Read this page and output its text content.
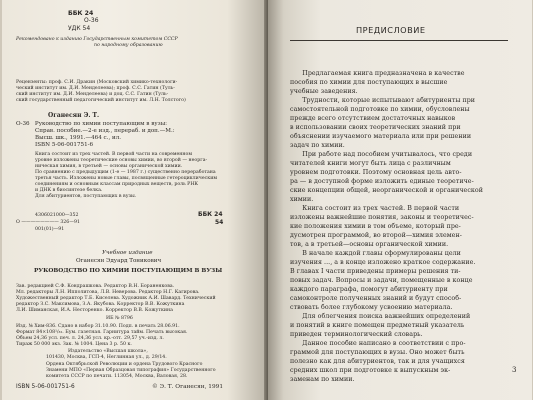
ББК 24
О-36
УДК 54
Рекомендовано к изданию Государственным комитетом СССР
по народному образованию
Рецензенты: проф. С.И. Дракин (Московский химико-технологи-
ческий институт им. Д.И. Менделеева); проф. С.С. Гатин (Туль-
ский институт им. Д.И. Менделеева) и доц. С.С. Гатин (Туль-
ский государственный педагогический институт им. Л.Н. Толстого)
Оганесян Э. Т.
О-36   Руководство по химии поступающим в вузы:
Справ. пособие.—2-е изд., перераб. и доп.—М.:
Высш. шк., 1991.—464 с., ил.
ISBN 5-06-001751-6
Книга состоит из трех частей. В первой части на современном
уровне изложены теоретические основы химии, во второй — неорга-
ническая химия, в третьей — основы органической химии.
По сравнению с предыдущим (1-е — 1987 г.) существенно переработана
третья часть. Изложены новые главы, посвященные гетероциклическим
соединениям и основным классам природных веществ, роль РНК
и ДНК в биосинтезе белка.
Для абитуриентов, поступающих в вузы.
4306021000—352
О ———————— 326—91
001(01)—91
ББК 24
54
Учебное издание
Оганесян Эдуард Тоникович
РУКОВОДСТВО ПО ХИМИИ ПОСТУПАЮЩИМ В ВУЗЫ
Зав. редакцией С.Ф. Кондрашкова. Редактор В.Н. Бораненкова.
Мл. редакторы Л.Н. Ипполитова, Л.В. Неверова. Редактор Н.Г. Кагирова.
Художественный редактор Т.Б. Киселева. Художник А.И. Шавард. Технический
редактор З.С. Максимова, З.А. Якубова. Корректор В.В. Кожуткина
Л.И. Шиманская, И.А. Несторенко. Корректор В.В. Кожуткина
ИБ № 8796
Изд. № Хим-836. Сдано в набор 31.10.90. Подп. в печать 28.06.91.
Формат 84×108¹/₃₂. Бум. газетная. Гарнитура тайм. Печать высокая.
Объем 24,36 усл. печ. л. 24,36 усл. кр.-отт. 29,57 уч.-изд. л.
Тираж 50 000 экз. Зак. № 1004. Цена 3 р. 50 к.
Издательство «Высшая школа»,
101430, Москва, ГСП-4, Неглинная ул., д. 29/14.
Ордена Октябрьской Революции и ордена Трудового Красного
Знамени МПО «Первая Образцовая типография» Государственного
комитета СССР по печати. 113054, Москва, Валовая, 28.
ISBN 5-06-001751-6	© Э. Т. Оганесян, 1991
ПРЕДИСЛОВИЕ
Предлагаемая книга предназначена в качестве
пособия по химии для поступающих в высшие
учебные заведения.
Трудности, которые испытывают абитуриенты при
самостоятельной подготовке по химии, обусловлены
прежде всего отсутствием достаточных навыков
в использовании своих теоретических знаний при
объяснении изучаемого материала или при решении
задач по химии.
При работе над пособием учитывалось, что среди
читателей книги могут быть лица с различным
уровнем подготовки. Поэтому основная цель авто-
ра — в доступной форме изложить единые теоретиче-
ские концепции общей, неорганической и органической
химии.
Книга состоит из трех частей. В первой части
изложены важнейшие понятия, законы и теоретичес-
кие положения химии в том объеме, который пре-
дусмотрен программой, во второй—химия элемен-
тов, а в третьей—основы органической химии.
В начале каждой главы сформулированы цели
изучения ..., а в конце изложено краткое содержание.
В главах I части приведены примеры решения ти-
повых задач. Вопросы и задачи, помещенные в конце
каждого параграфа, помогут абитуриенту при
самоконтроле полученных знаний и будут способ-
ствовать более глубокому усвоению материала.
Для облегчения поиска важнейших определений
и понятий в книге помещен предметный указатель
приведен терминологический словарь.
Данное пособие написано в соответствии с про-
граммой для поступающих в вузы. Оно может быть
полезно как для абитуриентов, так и для учащихся
средних школ при подготовке к выпускным эк-
заменам по химии.
3
